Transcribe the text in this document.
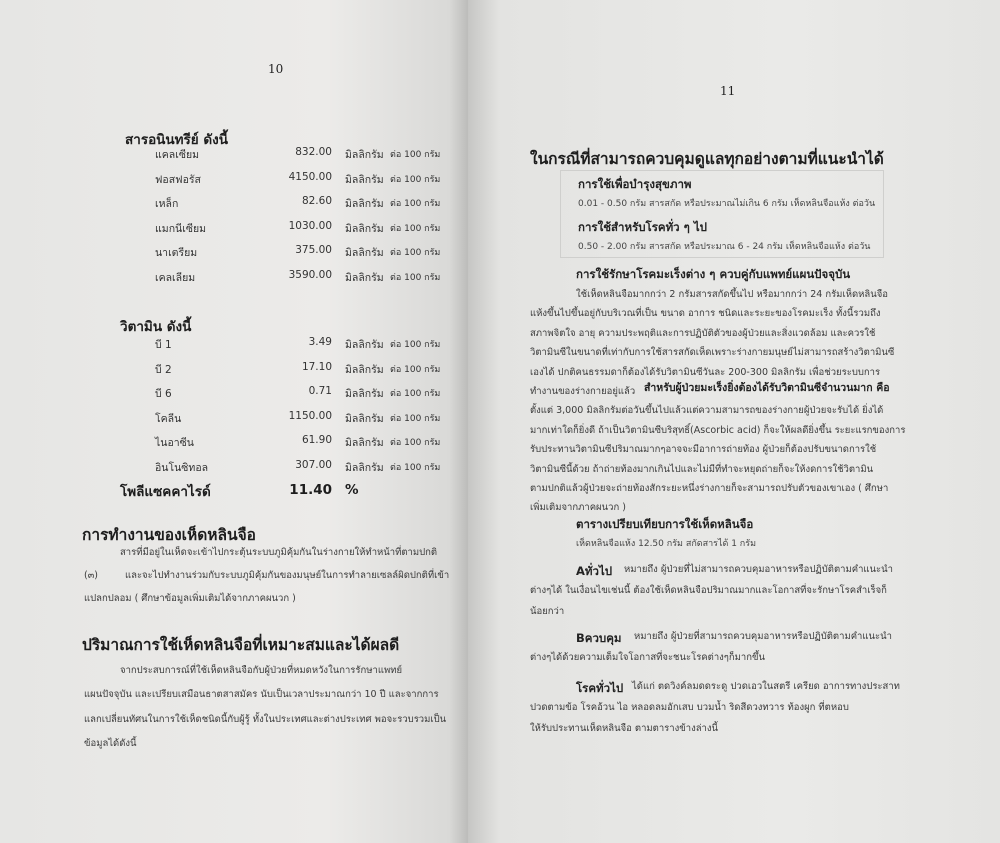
10
สารอนินทรีย์ ดังนี้
แคลเซียม	832.00 มิลลิกรัม ต่อ 100 กรัม
ฟอสฟอรัส	4150.00 มิลลิกรัม ต่อ 100 กรัม
เหล็ก	82.60 มิลลิกรัม ต่อ 100 กรัม
แมกนีเซียม	1030.00 มิลลิกรัม ต่อ 100 กรัม
นาเตรียม	375.00 มิลลิกรัม ต่อ 100 กรัม
เคลเลียม	3590.00 มิลลิกรัม ต่อ 100 กรัม
วิตามิน ดังนี้
บี 1	3.49 มิลลิกรัม ต่อ 100 กรัม
บี 2	17.10 มิลลิกรัม ต่อ 100 กรัม
บี 6	0.71 มิลลิกรัม ต่อ 100 กรัม
โคลีน	1150.00 มิลลิกรัม ต่อ 100 กรัม
ไนอาซีน	61.90 มิลลิกรัม ต่อ 100 กรัม
อินโนซิทอล	307.00 มิลลิกรัม ต่อ 100 กรัม
โพลีแซคคาไรด์	11.40 %
การทำงานของเห็ดหลินจือ
สารที่มีอยู่ในเห็ดจะเข้าไปกระตุ้นระบบภูมิคุ้มกันในร่างกายให้ทำหน้าที่ตามปกติ
(๓)	และจะไปทำงานร่วมกับระบบภูมิคุ้มกันของมนุษย์ในการทำลายเซลล์ผิดปกติที่เข้า
แปลกปลอม ( ศึกษาข้อมูลเพิ่มเติมได้จากภาคผนวก )
ปริมาณการใช้เห็ดหลินจือที่เหมาะสมและได้ผลดี
จากประสบการณ์ที่ใช้เห็ดหลินจือกับผู้ป่วยที่หมดหวังในการรักษาแพทย์
แผนปัจจุบัน และเปรียบเสมือนธาตสาสมัคร นับเป็นเวลาประมาณกว่า 10 ปี และจากการ
แลกเปลี่ยนทัศนในการใช้เห็ดชนิดนี้กับผู้รู้ ทั้งในประเทศและต่างประเทศ พอจะรวบรวมเป็น
ข้อมูลได้ดังนี้
11
ในกรณีที่สามารถควบคุมดูแลทุกอย่างตามที่แนะนำได้
การใช้เพื่อบำรุงสุขภาพ
0.01 - 0.50 กรัม สารสกัด หรือประมาณไม่เกิน 6 กรัม เห็ดหลินจือแห้ง ต่อวัน
การใช้สำหรับโรคทั่ว ๆ ไป
0.50 - 2.00 กรัม สารสกัด หรือประมาณ 6 - 24 กรัม เห็ดหลินจือแห้ง ต่อวัน
การใช้รักษาโรคมะเร็งต่าง ๆ ควบคู่กับแพทย์แผนปัจจุบัน
ใช้เห็ดหลินจือมากกว่า 2 กรัมสารสกัดขึ้นไป หรือมากกว่า 24 กรัมเห็ดหลินจือ
แห้งขึ้นไปขึ้นอยู่กับบริเวณที่เป็น ขนาด อาการ ชนิดและระยะของโรคมะเร็ง ทั้งนี้รวมถึง
สภาพจิตใจ อายุ ความประพฤติและการปฏิบัติตัวของผู้ป่วยและสิ่งแวดล้อม และควรใช้
วิตามินซีในขนาดที่เท่ากับการใช้สารสกัดเห็ดเพราะร่างกายมนุษย์ไม่สามารถสร้างวิตามินซี
เองได้ ปกติคนธรรมดาก็ต้องได้รับวิตามินซีวันละ 200-300 มิลลิกรัม เพื่อช่วยระบบการ
ทำงานของร่างกายอยู่แล้ว
ตั้งแต่ 3,000 มิลลิกรัมต่อวันขึ้นไปแล้วแต่ความสามารถของร่างกายผู้ป่วยจะรับได้ ยิ่งได้
มากเท่าใดก็ยิ่งดี ถ้าเป็นวิตามินซีบริสุทธิ์(Ascorbic acid) ก็จะให้ผลดียิ่งขึ้น ระยะแรกของการ
รับประทานวิตามินซีปริมาณมากๆอาจจะมีอาการถ่ายท้อง ผู้ป่วยก็ต้องปรับขนาดการใช้
วิตามินซีนี้ด้วย ถ้าถ่ายท้องมากเกินไปและไม่มีที่ทำจะหยุดถ่ายก็จะให้งดการใช้วิตามิน
ตามปกติแล้วผู้ป่วยจะถ่ายท้องสักระยะหนึ่งร่างกายก็จะสามารถปรับตัวของเขาเอง ( ศึกษา
เพิ่มเติมจากภาคผนวก )
สำหรับผู้ป่วยมะเร็งยิ่งต้องได้รับวิตามินซีจำนวนมาก คือ
ตารางเปรียบเทียบการใช้เห็ดหลินจือ
เห็ดหลินจือแห้ง 12.50 กรัม สกัดสารได้ 1 กรัม
Aทั่วไป หมายถึง ผู้ป่วยที่ไม่สามารถควบคุมอาหารหรือปฏิบัติตามคำแนะนำ
ต่างๆได้ ในเงื่อนไขเช่นนี้ ต้องใช้เห็ดหลินจือปริมาณมากและโอกาสที่จะรักษาโรคสำเร็จก็
น้อยกว่า
Bควบคุม หมายถึง ผู้ป่วยที่สามารถควบคุมอาหารหรือปฏิบัติตามคำแนะนำ
ต่างๆได้ด้วยความเต็มใจโอกาสที่จะชนะโรคต่างๆก็มากขึ้น
โรคทั่วไป ได้แก่ ตดวิงค์ลมดดระดู ปวดเอวในสตรี เครียด อาการทางประสาท
ปวดตามข้อ โรคอ้วน ไอ หลอดลมอักเสบ บวมน้ำ ริดสีดวงทวาร ท้องผูก ที่ตหอบ
ให้รับประทานเห็ดหลินจือ ตามตารางข้างล่างนี้
